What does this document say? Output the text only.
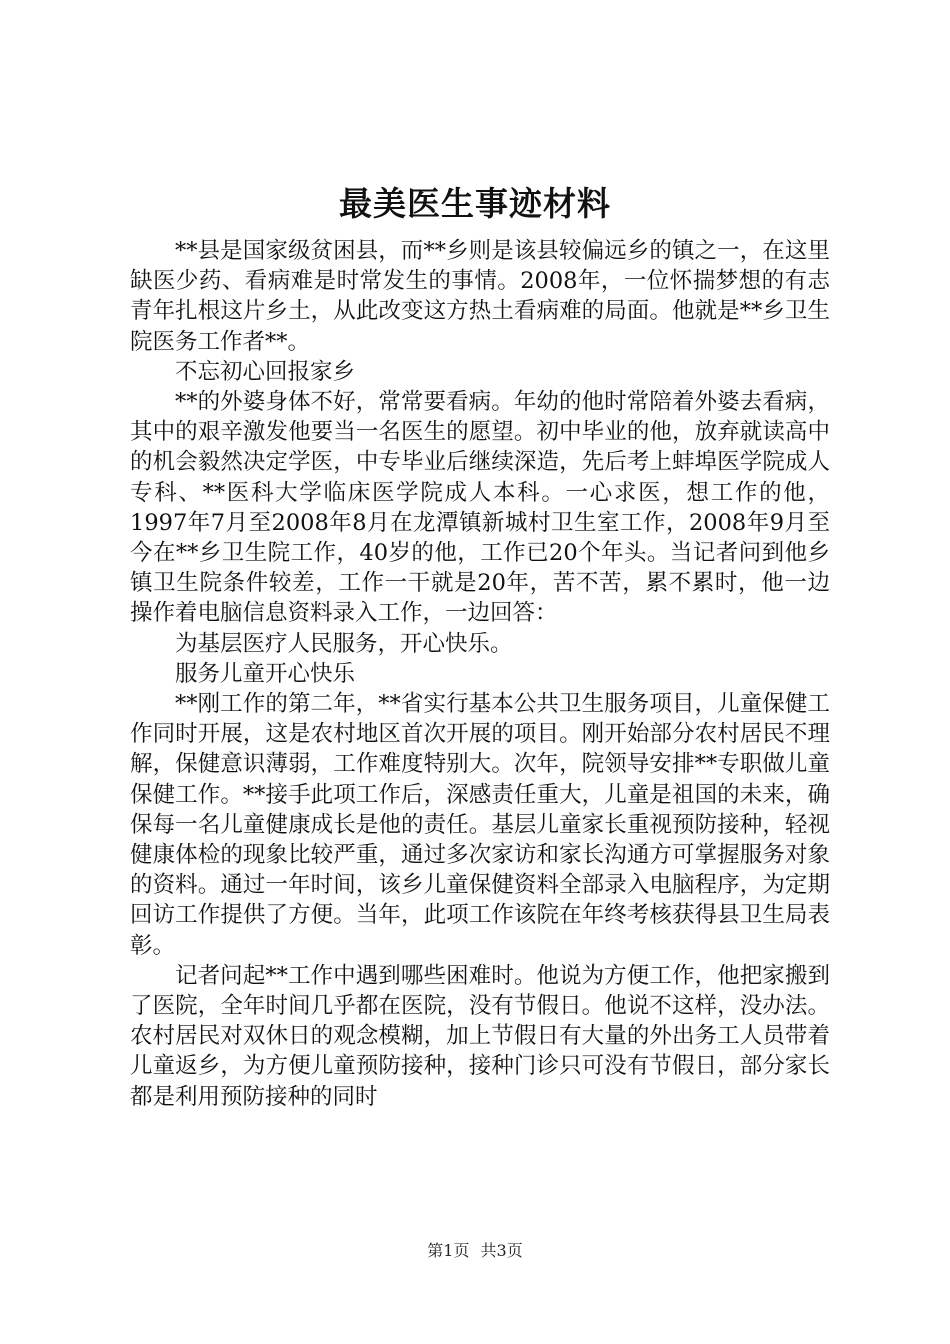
最美医生事迹材料

**县是国家级贫困县，而**乡则是该县较偏远乡的镇之一，在这里缺医少药、看病难是时常发生的事情。2008年，一位怀揣梦想的有志青年扎根这片乡土，从此改变这方热土看病难的局面。他就是**乡卫生院医务工作者**。

不忘初心回报家乡

**的外婆身体不好，常常要看病。年幼的他时常陪着外婆去看病，其中的艰辛激发他要当一名医生的愿望。初中毕业的他，放弃就读高中的机会毅然决定学医，中专毕业后继续深造，先后考上蚌埠医学院成人专科、**医科大学临床医学院成人本科。一心求医，想工作的他，1997年7月至2008年8月在龙潭镇新城村卫生室工作，2008年9月至今在**乡卫生院工作，40岁的他，工作已20个年头。当记者问到他乡镇卫生院条件较差，工作一干就是20年，苦不苦，累不累时，他一边操作着电脑信息资料录入工作，一边回答：

为基层医疗人民服务，开心快乐。

服务儿童开心快乐

**刚工作的第二年，**省实行基本公共卫生服务项目，儿童保健工作同时开展，这是农村地区首次开展的项目。刚开始部分农村居民不理解，保健意识薄弱，工作难度特别大。次年，院领导安排**专职做儿童保健工作。**接手此项工作后，深感责任重大，儿童是祖国的未来，确保每一名儿童健康成长是他的责任。基层儿童家长重视预防接种，轻视健康体检的现象比较严重，通过多次家访和家长沟通方可掌握服务对象的资料。通过一年时间，该乡儿童保健资料全部录入电脑程序，为定期回访工作提供了方便。当年，此项工作该院在年终考核获得县卫生局表彰。

记者问起**工作中遇到哪些困难时。他说为方便工作，他把家搬到了医院，全年时间几乎都在医院，没有节假日。他说不这样，没办法。农村居民对双休日的观念模糊，加上节假日有大量的外出务工人员带着儿童返乡，为方便儿童预防接种，接种门诊只可没有节假日，部分家长都是利用预防接种的同时

第1页 共3页
